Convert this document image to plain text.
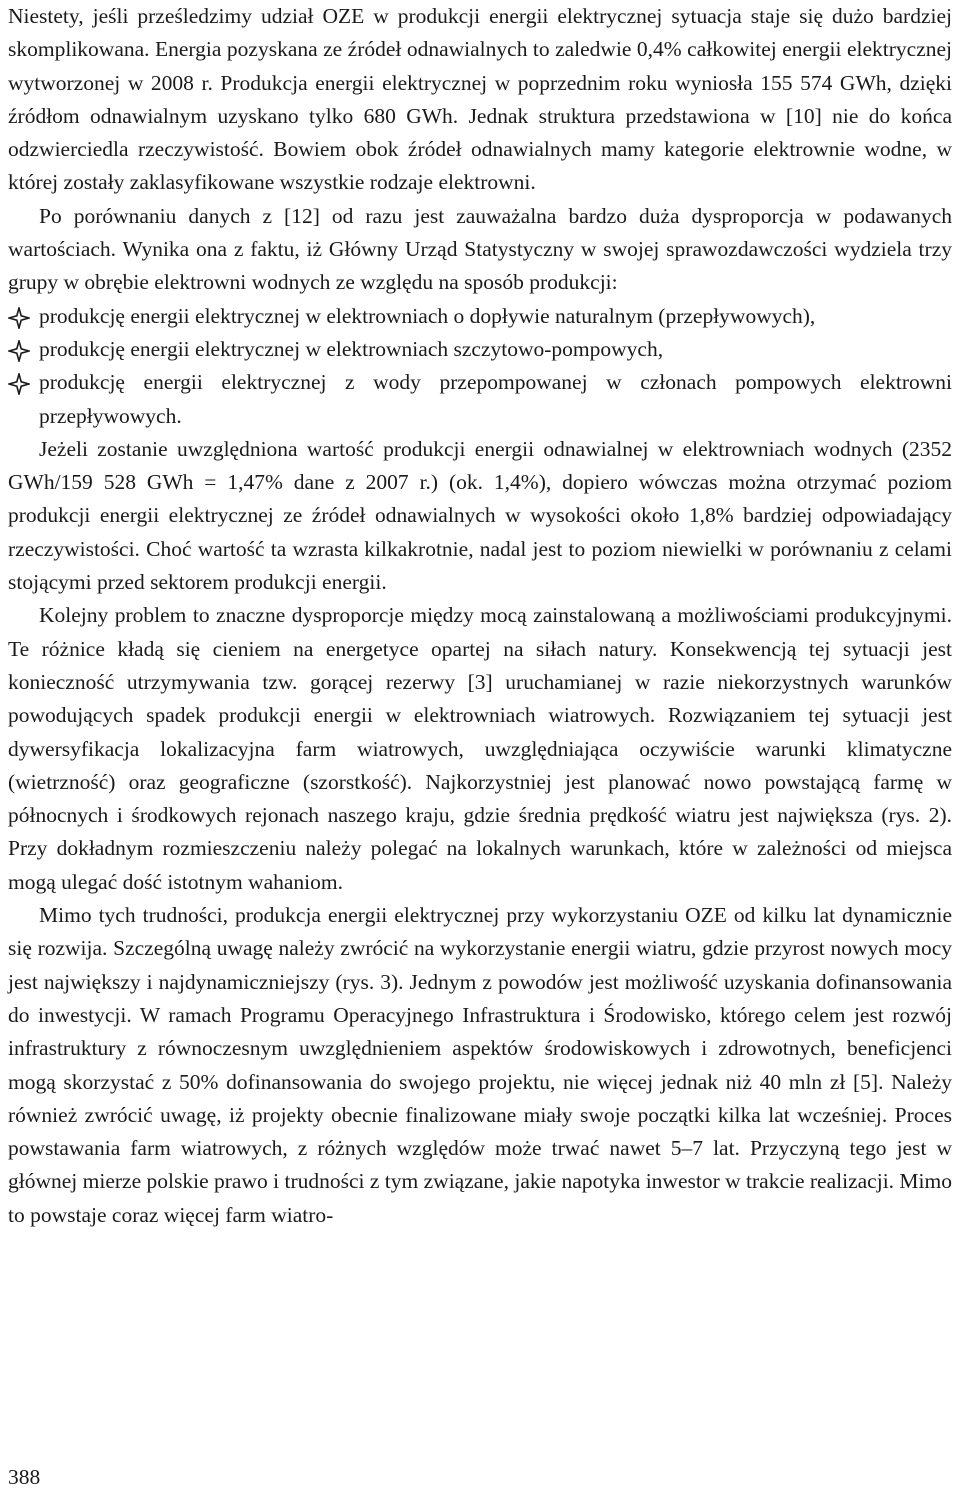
Niestety, jeśli prześledzimy udział OZE w produkcji energii elektrycznej sytuacja staje się dużo bardziej skomplikowana. Energia pozyskana ze źródeł odnawialnych to zaledwie 0,4% całkowitej energii elektrycznej wytworzonej w 2008 r. Produkcja energii elektrycznej w poprzednim roku wyniosła 155 574 GWh, dzięki źródłom odnawialnym uzyskano tylko 680 GWh. Jednak struktura przedstawiona w [10] nie do końca odzwierciedla rzeczywistość. Bowiem obok źródeł odnawialnych mamy kategorie elektrownie wodne, w której zostały zaklasyfikowane wszystkie rodzaje elektrowni.

Po porównaniu danych z [12] od razu jest zauważalna bardzo duża dysproporcja w podawanych wartościach. Wynika ona z faktu, iż Główny Urząd Statystyczny w swojej sprawozdawczości wydziela trzy grupy w obrębie elektrowni wodnych ze względu na sposób produkcji:

produkcję energii elektrycznej w elektrowniach o dopływie naturalnym (przepływowych),
produkcję energii elektrycznej w elektrowniach szczytowo-pompowych,
produkcję energii elektrycznej z wody przepompowanej w członach pompowych elektrowni przepływowych.

Jeżeli zostanie uwzględniona wartość produkcji energii odnawialnej w elektrowniach wodnych (2352 GWh/159 528 GWh = 1,47% dane z 2007 r.) (ok. 1,4%), dopiero wówczas można otrzymać poziom produkcji energii elektrycznej ze źródeł odnawialnych w wysokości około 1,8% bardziej odpowiadający rzeczywistości. Choć wartość ta wzrasta kilkakrotnie, nadal jest to poziom niewielki w porównaniu z celami stojącymi przed sektorem produkcji energii.

Kolejny problem to znaczne dysproporcje między mocą zainstalowaną a możliwościami produkcyjnymi. Te różnice kładą się cieniem na energetyce opartej na siłach natury. Konsekwencją tej sytuacji jest konieczność utrzymywania tzw. gorącej rezerwy [3] uruchamianej w razie niekorzystnych warunków powodujących spadek produkcji energii w elektrowniach wiatrowych. Rozwiązaniem tej sytuacji jest dywersyfikacja lokalizacyjna farm wiatrowych, uwzględniająca oczywiście warunki klimatyczne (wietrzność) oraz geograficzne (szorstkość). Najkorzystniej jest planować nowo powstającą farmę w północnych i środkowych rejonach naszego kraju, gdzie średnia prędkość wiatru jest największa (rys. 2). Przy dokładnym rozmieszczeniu należy polegać na lokalnych warunkach, które w zależności od miejsca mogą ulegać dość istotnym wahaniom.

Mimo tych trudności, produkcja energii elektrycznej przy wykorzystaniu OZE od kilku lat dynamicznie się rozwija. Szczególną uwagę należy zwrócić na wykorzystanie energii wiatru, gdzie przyrost nowych mocy jest największy i najdynamiczniejszy (rys. 3). Jednym z powodów jest możliwość uzyskania dofinansowania do inwestycji. W ramach Programu Operacyjnego Infrastruktura i Środowisko, którego celem jest rozwój infrastruktury z równoczesnym uwzględnieniem aspektów środowiskowych i zdrowotnych, beneficjenci mogą skorzystać z 50% dofinansowania do swojego projektu, nie więcej jednak niż 40 mln zł [5]. Należy również zwrócić uwagę, iż projekty obecnie finalizowane miały swoje początki kilka lat wcześniej. Proces powstawania farm wiatrowych, z różnych względów może trwać nawet 5–7 lat. Przyczyną tego jest w głównej mierze polskie prawo i trudności z tym związane, jakie napotyka inwestor w trakcie realizacji. Mimo to powstaje coraz więcej farm wiatro-

388
